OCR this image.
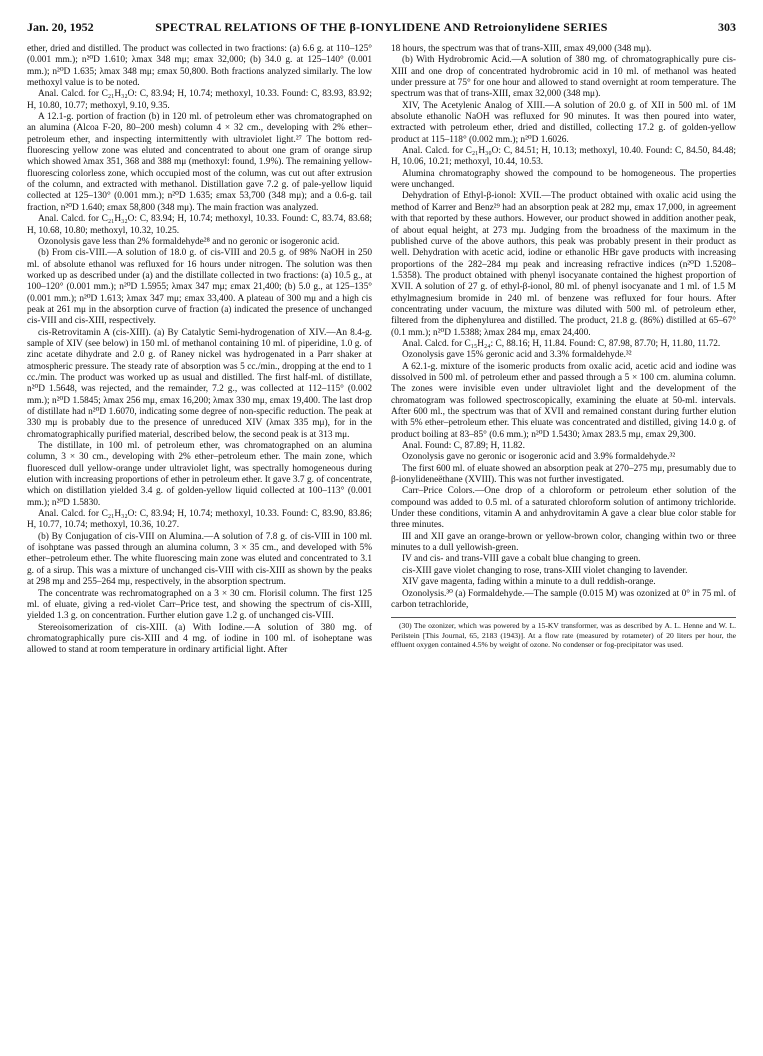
Jan. 20, 1952	SPECTRAL RELATIONS OF THE β-IONYLIDENE AND Retroionylidene SERIES	303

ether, dried and distilled. The product was collected in two fractions: (a) 6.6 g. at 110–125° (0.001 mm.); n²⁰D 1.610; λmax 348 mμ; εmax 32,000; (b) 34.0 g. at 125–140° (0.001 mm.); n²⁰D 1.635; λmax 348 mμ; εmax 50,800. Both fractions analyzed similarly. The low methoxyl value is to be noted.

Anal. Calcd. for C₂₁H₃₂O: C, 83.94; H, 10.74; methoxyl, 10.33. Found: C, 83.93, 83.92; H, 10.80, 10.77; methoxyl, 9.10, 9.35.

A 12.1-g. portion of fraction (b) in 120 ml. of petroleum ether was chromatographed on an alumina (Alcoa F-20, 80–200 mesh) column 4 × 32 cm., developing with 2% ether–petroleum ether, and inspecting intermittently with ultraviolet light.²⁷ The bottom red-fluorescing yellow zone was eluted and concentrated to about one gram of orange sirup which showed λmax 351, 368 and 388 mμ (methoxyl: found, 1.9%). The remaining yellow-fluorescing colorless zone, which occupied most of the column, was cut out after extrusion of the column, and extracted with methanol. Distillation gave 7.2 g. of pale-yellow liquid collected at 125–130° (0.001 mm.); n²⁰D 1.635; εmax 53,700 (348 mμ); and a 0.6-g. tail fraction, n²⁰D 1.640; εmax 58,800 (348 mμ). The main fraction was analyzed.

Anal. Calcd. for C₂₁H₃₂O: C, 83.94; H, 10.74; methoxyl, 10.33. Found: C, 83.74, 83.68; H, 10.68, 10.80; methoxyl, 10.32, 10.25.

Ozonolysis gave less than 2% formaldehyde²⁸ and no geronic or isogeronic acid.

(b) From cis-VIII.—A solution of 18.0 g. of cis-VIII and 20.5 g. of 98% NaOH in 250 ml. of absolute ethanol was refluxed for 16 hours under nitrogen. The solution was then worked up as described under (a) and the distillate collected in two fractions: (a) 10.5 g., at 100–120° (0.001 mm.); n²⁰D 1.5955; λmax 347 mμ; εmax 21,400; (b) 5.0 g., at 125–135° (0.001 mm.); n²⁰D 1.613; λmax 347 mμ; εmax 33,400. A plateau of 300 mμ and a high cis peak at 261 mμ in the absorption curve of fraction (a) indicated the presence of unchanged cis-VIII and cis-XIII, respectively.

cis-Retrovitamin A (cis-XIII). (a) By Catalytic Semi-hydrogenation of XIV.—An 8.4-g. sample of XIV (see below) in 150 ml. of methanol containing 10 ml. of piperidine, 1.0 g. of zinc acetate dihydrate and 2.0 g. of Raney nickel was hydrogenated in a Parr shaker at atmospheric pressure. The steady rate of absorption was 5 cc./min., dropping at the end to 1 cc./min. The product was worked up as usual and distilled. The first half-ml. of distillate, n²⁰D 1.5648, was rejected, and the remainder, 7.2 g., was collected at 112–115° (0.002 mm.); n²⁰D 1.5845; λmax 256 mμ, εmax 16,200; λmax 330 mμ, εmax 19,400. The last drop of distillate had n²⁰D 1.6070, indicating some degree of non-specific reduction. The peak at 330 mμ is probably due to the presence of unreduced XIV (λmax 335 mμ), for in the chromatographically purified material, described below, the second peak is at 313 mμ.

The distillate, in 100 ml. of petroleum ether, was chromatographed on an alumina column, 3 × 30 cm., developing with 2% ether–petroleum ether. The main zone, which fluoresced dull yellow-orange under ultraviolet light, was spectrally homogeneous during elution with increasing proportions of ether in petroleum ether. It gave 3.7 g. of concentrate, which on distillation yielded 3.4 g. of golden-yellow liquid collected at 100–113° (0.001 mm.); n²⁰D 1.5830.

Anal. Calcd. for C₂₁H₃₂O: C, 83.94; H, 10.74; methoxyl, 10.33. Found: C, 83.90, 83.86; H, 10.77, 10.74; methoxyl, 10.36, 10.27.

(b) By Conjugation of cis-VIII on Alumina.—A solution of 7.8 g. of cis-VIII in 100 ml. of isohptane was passed through an alumina column, 3 × 35 cm., and developed with 5% ether–petroleum ether. The white fluorescing main zone was eluted and concentrated to 3.1 g. of a sirup. This was a mixture of unchanged cis-VIII with cis-XIII as shown by the peaks at 298 mμ and 255–264 mμ, respectively, in the absorption spectrum.

The concentrate was rechromatographed on a 3 × 30 cm. Florisil column. The first 125 ml. of eluate, giving a red-violet Carr–Price test, and showing the spectrum of cis-XIII, yielded 1.3 g. on concentration. Further elution gave 1.2 g. of unchanged cis-VIII.

Stereoisomerization of cis-XIII. (a) With Iodine.—A solution of 380 mg. of chromatographically pure cis-XIII and 4 mg. of iodine in 100 ml. of isoheptane was allowed to stand at room temperature in ordinary artificial light. After

18 hours, the spectrum was that of trans-XIII, εmax 49,000 (348 mμ).

(b) With Hydrobromic Acid.—A solution of 380 mg. of chromatographically pure cis-XIII and one drop of concentrated hydrobromic acid in 10 ml. of methanol was heated under pressure at 75° for one hour and allowed to stand overnight at room temperature. The spectrum was that of trans-XIII, εmax 32,000 (348 mμ).

XIV, The Acetylenic Analog of XIII.—A solution of 20.0 g. of XII in 500 ml. of 1M absolute ethanolic NaOH was refluxed for 90 minutes. It was then poured into water, extracted with petroleum ether, dried and distilled, collecting 17.2 g. of golden-yellow product at 115–118° (0.002 mm.); n²⁰D 1.6026.

Anal. Calcd. for C₂₁H₃₀O: C, 84.51; H, 10.13; methoxyl, 10.40. Found: C, 84.50, 84.48; H, 10.06, 10.21; methoxyl, 10.44, 10.53.

Alumina chromatography showed the compound to be homogeneous. The properties were unchanged.

Dehydration of Ethyl-β-ionol: XVII.—The product obtained with oxalic acid using the method of Karrer and Benz²⁹ had an absorption peak at 282 mμ, εmax 17,000, in agreement with that reported by these authors. However, our product showed in addition another peak, of about equal height, at 273 mμ. Judging from the broadness of the maximum in the published curve of the above authors, this peak was probably present in their product as well. Dehydration with acetic acid, iodine or ethanolic HBr gave products with increasing proportions of the 282–284 mμ peak and increasing refractive indices (n²⁰D 1.5208–1.5358). The product obtained with phenyl isocyanate contained the highest proportion of XVII. A solution of 27 g. of ethyl-β-ionol, 80 ml. of phenyl isocyanate and 1 ml. of 1.5 M ethylmagnesium bromide in 240 ml. of benzene was refluxed for four hours. After concentrating under vacuum, the mixture was diluted with 500 ml. of petroleum ether, filtered from the diphenylurea and distilled. The product, 21.8 g. (86%) distilled at 65–67° (0.1 mm.); n²⁰D 1.5388; λmax 284 mμ, εmax 24,400.

Anal. Calcd. for C₁₅H₂₄: C, 88.16; H, 11.84. Found: C, 87.98, 87.70; H, 11.80, 11.72.

Ozonolysis gave 15% geronic acid and 3.3% formaldehyde.³²

A 62.1-g. mixture of the isomeric products from oxalic acid, acetic acid and iodine was dissolved in 500 ml. of petroleum ether and passed through a 5 × 100 cm. alumina column. The zones were invisible even under ultraviolet light and the development of the chromatogram was followed spectroscopically, examining the eluate at 50-ml. intervals. After 600 ml., the spectrum was that of XVII and remained constant during further elution with 5% ether–petroleum ether. This eluate was concentrated and distilled, giving 14.0 g. of product boiling at 83–85° (0.6 mm.); n²⁰D 1.5430; λmax 283.5 mμ, εmax 29,300.

Anal. Found: C, 87.89; H, 11.82.

Ozonolysis gave no geronic or isogeronic acid and 3.9% formaldehyde.³²

The first 600 ml. of eluate showed an absorption peak at 270–275 mμ, presumably due to β-ionylideneëthane (XVIII). This was not further investigated.

Carr–Price Colors.—One drop of a chloroform or petroleum ether solution of the compound was added to 0.5 ml. of a saturated chloroform solution of antimony trichloride. Under these conditions, vitamin A and anhydrovitamin A gave a clear blue color stable for three minutes.

III and XII gave an orange-brown or yellow-brown color, changing within two or three minutes to a dull yellowish-green.

IV and cis- and trans-VIII gave a cobalt blue changing to green.

cis-XIII gave violet changing to rose, trans-XIII violet changing to lavender.

XIV gave magenta, fading within a minute to a dull reddish-orange.

Ozonolysis.³⁰ (a) Formaldehyde.—The sample (0.015 M) was ozonized at 0° in 75 ml. of carbon tetrachloride,

(30) The ozonizer, which was powered by a 15-KV transformer, was as described by A. L. Henne and W. L. Perilstein [This Journal, 65, 2183 (1943)]. At a flow rate (measured by rotameter) of 20 liters per hour, the effluent oxygen contained 4.5% by weight of ozone. No condenser or fog-precipitator was used.
